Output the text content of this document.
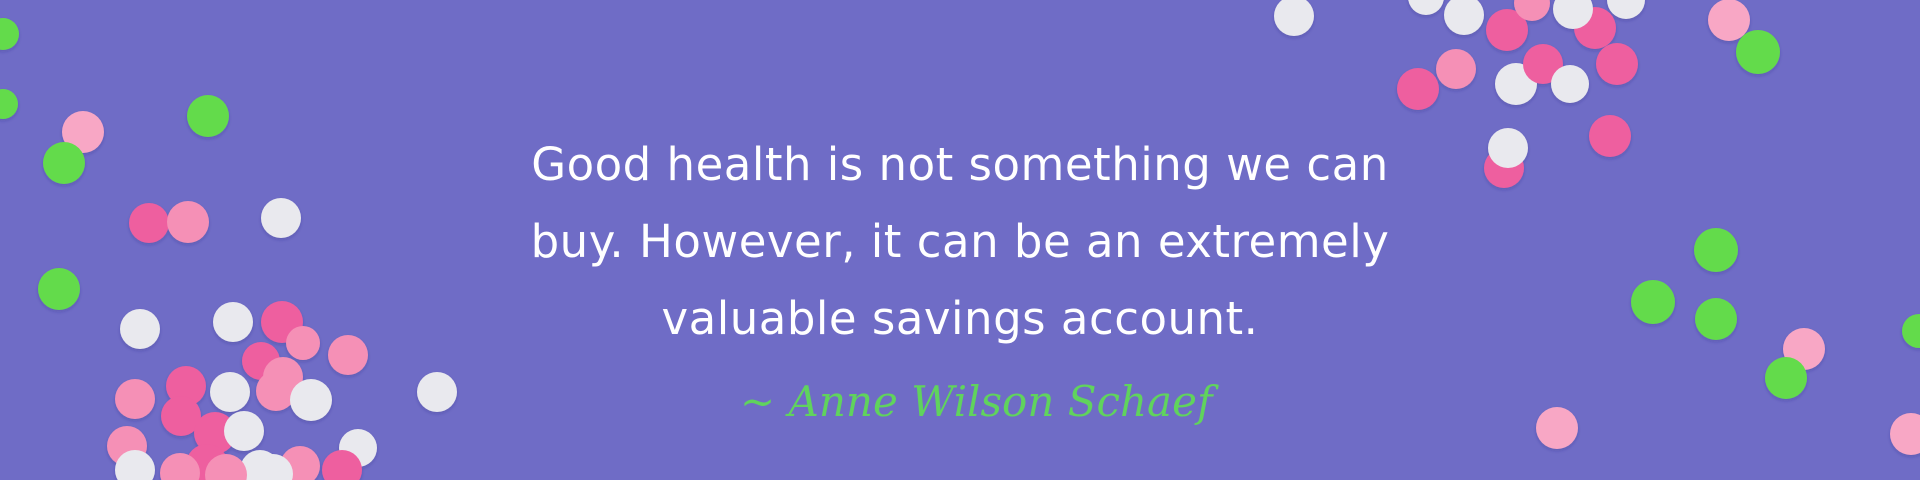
Good health is not something we can
buy. However, it can be an extremely
valuable savings account.
~ Anne Wilson Schaef
